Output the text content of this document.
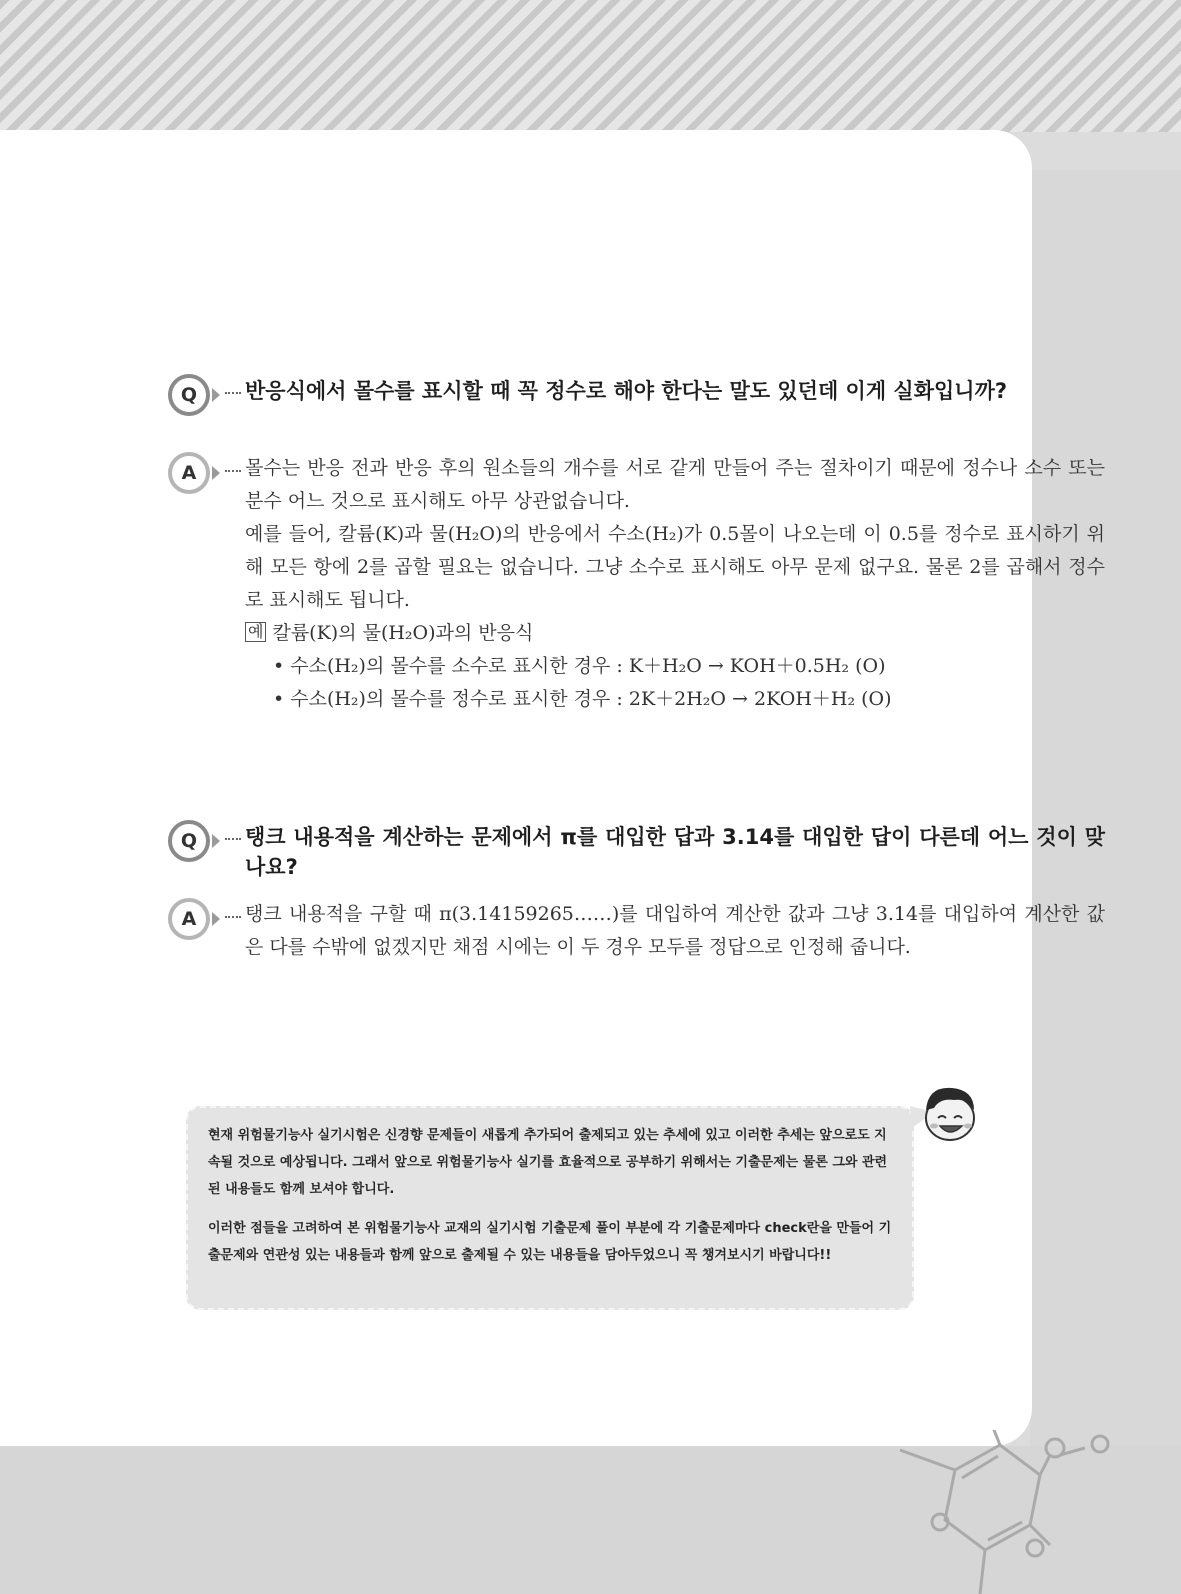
Q	반응식에서 몰수를 표시할 때 꼭 정수로 해야 한다는 말도 있던데 이게 실화입니까?
A	몰수는 반응 전과 반응 후의 원소들의 개수를 서로 같게 만들어 주는 절차이기 때문에 정수나 소수 또는 분수 어느 것으로 표시해도 아무 상관없습니다.

예를 들어, 칼륨(K)과 물(H₂O)의 반응에서 수소(H₂)가 0.5몰이 나오는데 이 0.5를 정수로 표시하기 위해 모든 항에 2를 곱할 필요는 없습니다. 그냥 소수로 표시해도 아무 문제 없구요. 물론 2를 곱해서 정수로 표시해도 됩니다.

예 칼륨(K)의 물(H₂O)과의 반응식

• 수소(H₂)의 몰수를 소수로 표시한 경우 : K＋H₂O → KOH＋0.5H₂ (O)

• 수소(H₂)의 몰수를 정수로 표시한 경우 : 2K＋2H₂O → 2KOH＋H₂ (O)

Q	탱크 내용적을 계산하는 문제에서 π를 대입한 답과 3.14를 대입한 답이 다른데 어느 것이 맞나요?
A	탱크 내용적을 구할 때 π(3.14159265……)를 대입하여 계산한 값과 그냥 3.14를 대입하여 계산한 값은 다를 수밖에 없겠지만 채점 시에는 이 두 경우 모두를 정답으로 인정해 줍니다.

현재 위험물기능사 실기시험은 신경향 문제들이 새롭게 추가되어 출제되고 있는 추세에 있고 이러한 추세는 앞으로도 지속될 것으로 예상됩니다. 그래서 앞으로 위험물기능사 실기를 효율적으로 공부하기 위해서는 기출문제는 물론 그와 관련된 내용들도 함께 보셔야 합니다.

이러한 점들을 고려하여 본 위험물기능사 교재의 실기시험 기출문제 풀이 부분에 각 기출문제마다 check란을 만들어 기출문제와 연관성 있는 내용들과 함께 앞으로 출제될 수 있는 내용들을 담아두었으니 꼭 챙겨보시기 바랍니다!!
